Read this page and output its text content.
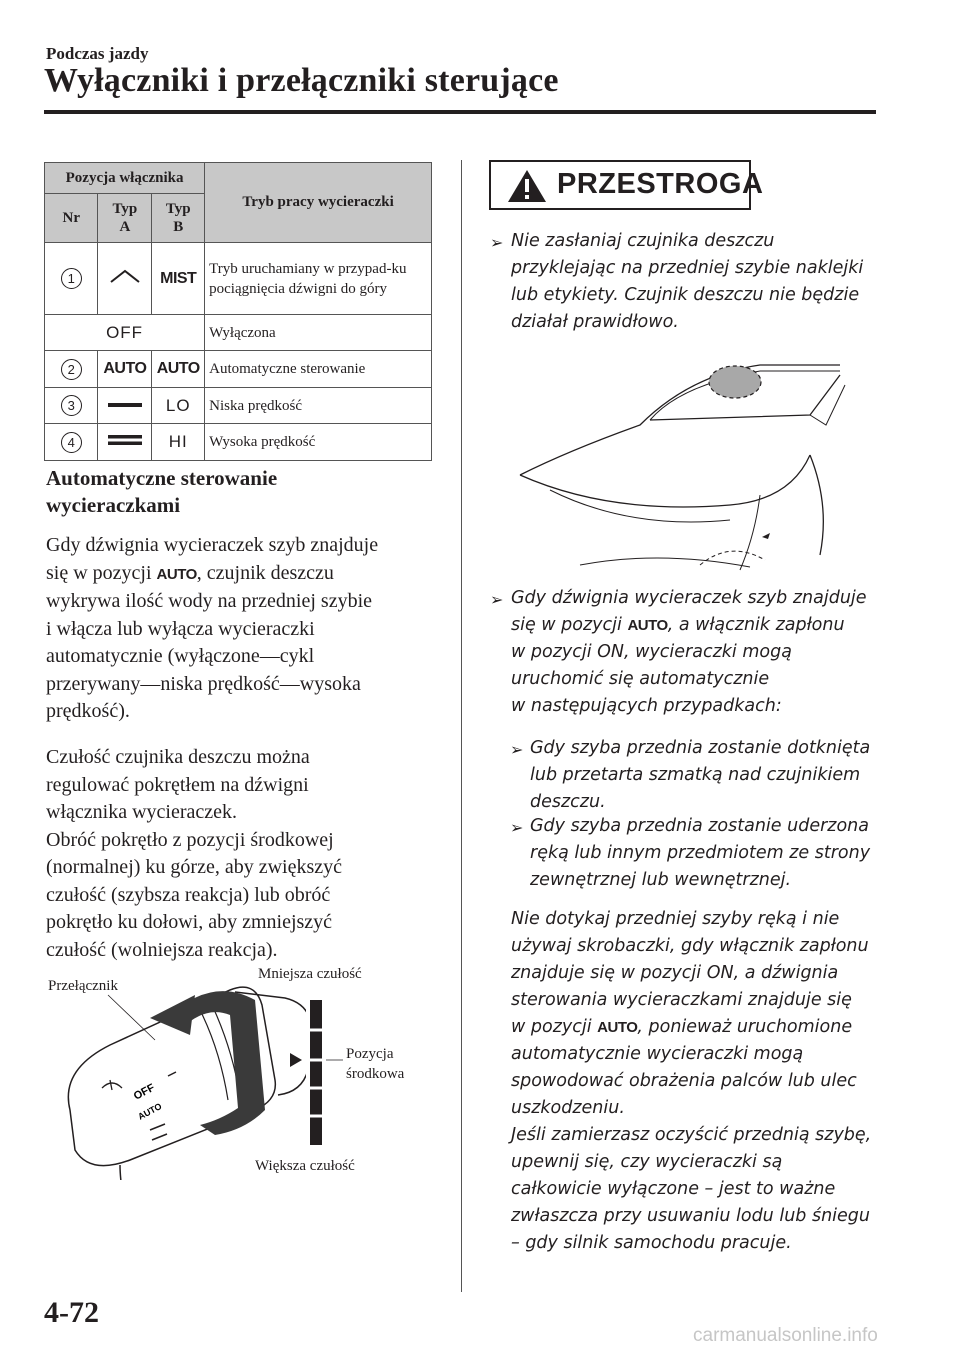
Podczas jazdy
Wyłączniki i przełączniki sterujące
Pozycja włącznika			Tryb pracy wycieraczki
Nr	Typ A	Typ B	
1		MIST	Tryb uruchamiany w przypad-ku pociągnięcia dźwigni do góry
OFF			Wyłączona
2	AUTO	AUTO	Automatyczne sterowanie
3		LO	Niska prędkość
4		HI	Wysoka prędkość
Automatyczne sterowanie
wycieraczkami
Gdy dźwignia wycieraczek szyb znajduje
się w pozycji AUTO, czujnik deszczu
wykrywa ilość wody na przedniej szybie
i włącza lub wyłącza wycieraczki
automatycznie (wyłączone—cykl
przerywany—niska prędkość—wysoka
prędkość).
Czułość czujnika deszczu można
regulować pokrętłem na dźwigni
włącznika wycieraczek.
Obróć pokrętło z pozycji środkowej
(normalnej) ku górze, aby zwiększyć
czułość (szybsza reakcja) lub obróć
pokrętło ku dołowi, aby zmniejszyć
czułość (wolniejsza reakcja).
OFF
AUTO
Przełącznik
Mniejsza czułość
Pozycja
środkowa
Większa czułość
PRZESTROGA
➢ Nie zasłaniaj czujnika deszczu
przyklejając na przedniej szybie naklejki
lub etykiety. Czujnik deszczu nie będzie
działał prawidłowo.
➢ Gdy dźwignia wycieraczek szyb znajduje
się w pozycji AUTO, a włącznik zapłonu
w pozycji ON, wycieraczki mogą
uruchomić się automatycznie
w następujących przypadkach:
➢ Gdy szyba przednia zostanie dotknięta
lub przetarta szmatką nad czujnikiem
deszczu.
➢ Gdy szyba przednia zostanie uderzona
ręką lub innym przedmiotem ze strony
zewnętrznej lub wewnętrznej.
Nie dotykaj przedniej szyby ręką i nie
używaj skrobaczki, gdy włącznik zapłonu
znajduje się w pozycji ON, a dźwignia
sterowania wycieraczkami znajduje się
w pozycji AUTO, ponieważ uruchomione
automatycznie wycieraczki mogą
spowodować obrażenia palców lub ulec
uszkodzeniu.
Jeśli zamierzasz oczyścić przednią szybę,
upewnij się, czy wycieraczki są
całkowicie wyłączone – jest to ważne
zwłaszcza przy usuwaniu lodu lub śniegu
– gdy silnik samochodu pracuje.
4-72
carmanualsonline.info
